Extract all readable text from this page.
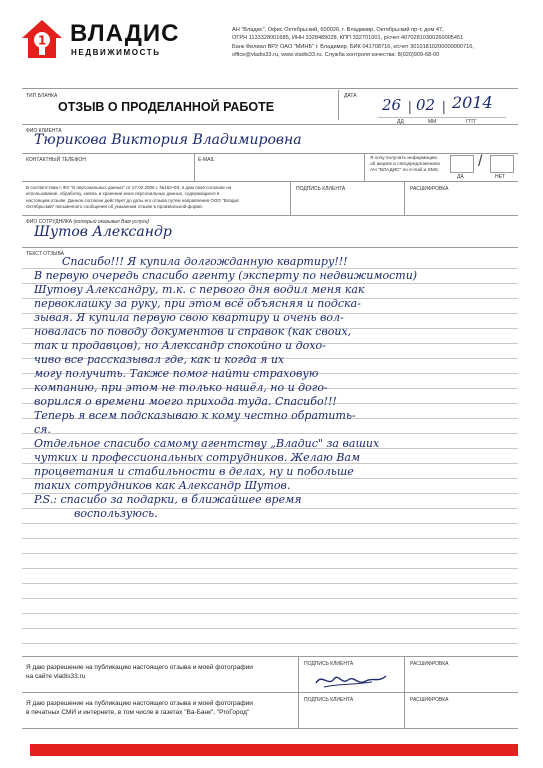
1 ВЛАДИС
НЕДВИЖИМОСТЬ
АН "Владис", Офис Октябрьский, 600026, г. Владимир, Октябрьский пр-т, дом 47,
ОГРН 1133328001685, ИНН 3328489028, КПП 332701001, р/счет 40702810300260005451
Банк Филиал ВРУ ОАО "МИНБ" г. Владимир, БИК 041708716, к/счет 30101810200000000716,
office@vladis33.ru, www.vladis33.ru. Служба контроля качества: 8(920)909-68-00
ТИП БЛАНКА
ОТЗЫВ О ПРОДЕЛАННОЙ РАБОТЕ
ДАТА 26 | 02 | 2014
ДД	ММ	ГГГГ
ФИО КЛИЕНТА
Тюрикова Виктория Владимировна
КОНТАКТНЫЙ ТЕЛЕФОН	E-MAIL	Я хочу получать информацию
об акциях и спецпредложениях
АН "ВЛАДИС" по e-mail и SMS
/
ДА	НЕТ
В соответствии с ФЗ "О персональных данных" от 27.02.2006 г. №152-ФЗ, я даю своё согласие на
использование, обработку, запись и хранение моих персональных данных, содержащихся в
настоящем отзыве. Данное согласие действует до даты его отзыва путем направления ООО "Владис
Октябрьский" письменного сообщения об указанном отзыве в произвольной форме.
ПОДПИСЬ КЛИЕНТА	РАСШИФРОВКА
ФИО СОТРУДНИКА (который оказывал Вам услуги)
Шутов Александр
ТЕКСТ ОТЗЫВА
Спасибо!!! Я купила долгожданную квартиру!!!
В первую очередь спасибо агенту (эксперту по недвижимости)
Шутову Александру, т.к. с первого дня водил меня как
первоклашку за руку, при этом всё объясняя и подска-
зывая. Я купила первую свою квартиру и очень вол-
новалась по поводу документов и справок (как своих,
так и продавцов), но Александр спокойно и дохо-
чиво все рассказывал где, как и когда я их
могу получить. Также помог найти страховую
компанию, при этом не только нашёл, но и дого-
ворился о времени моего прихода туда. Спасибо!!!
Теперь я всем подсказываю к кому честно обратить-
ся.
Отдельное спасибо самому агентству „Владис" за ваших
чутких и профессиональных сотрудников. Желаю Вам
процветания и стабильности в делах, ну и побольше
таких сотрудников как Александр Шутов.
P.S.: спасибо за подарки, в ближайшее время
воспользуюсь.
Я даю разрешение на публикацию настоящего отзыва и моей фотографии
на сайте vladis33.ru
ПОДПИСЬ КЛИЕНТА	РАСШИФРОВКА
Я даю разрешение на публикацию настоящего отзыва и моей фотографии
в печатных СМИ и интернете, в том числе в газетах "Ва-Банк", "ProГород"
ПОДПИСЬ КЛИЕНТА	РАСШИФРОВКА
